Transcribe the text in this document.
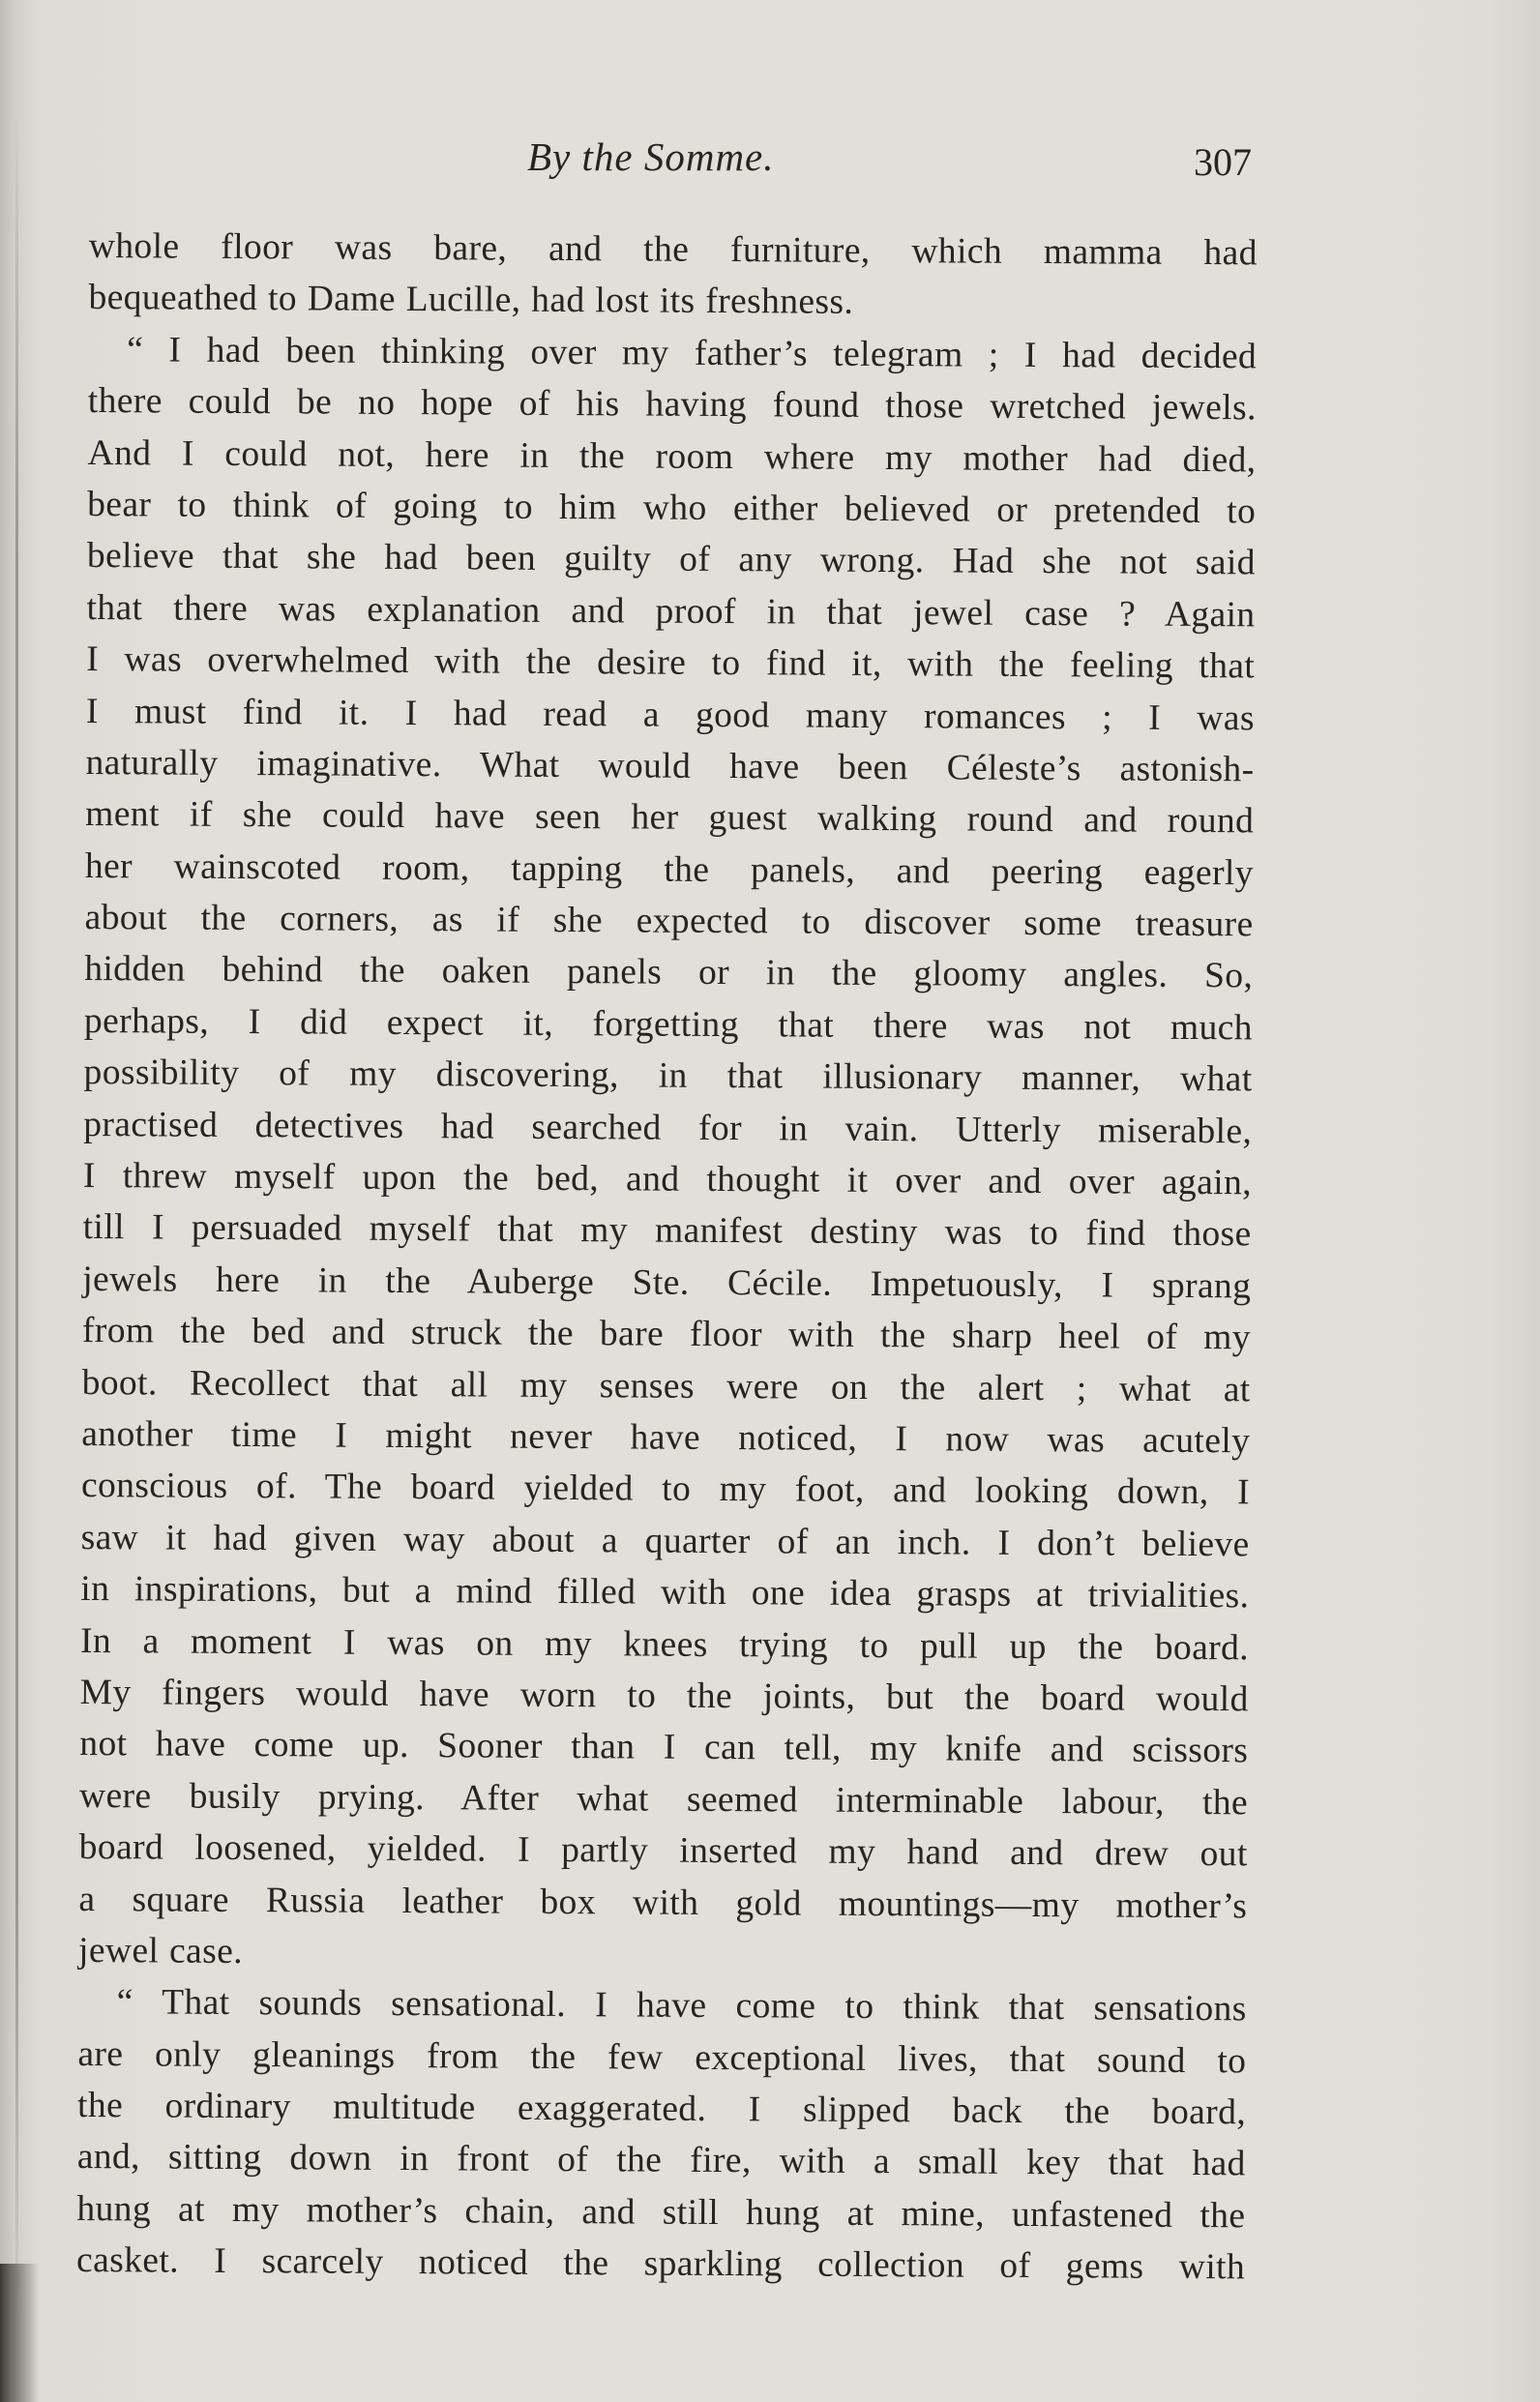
By the Somme.	307
whole floor was bare, and the furniture, which mamma had
bequeathed to Dame Lucille, had lost its freshness.
“ I had been thinking over my father’s telegram ; I had decided
there could be no hope of his having found those wretched jewels.
And I could not, here in the room where my mother had died,
bear to think of going to him who either believed or pretended to
believe that she had been guilty of any wrong. Had she not said
that there was explanation and proof in that jewel case ? Again
I was overwhelmed with the desire to find it, with the feeling that
I must find it. I had read a good many romances ; I was
naturally imaginative. What would have been Céleste’s astonish-
ment if she could have seen her guest walking round and round
her wainscoted room, tapping the panels, and peering eagerly
about the corners, as if she expected to discover some treasure
hidden behind the oaken panels or in the gloomy angles. So,
perhaps, I did expect it, forgetting that there was not much
possibility of my discovering, in that illusionary manner, what
practised detectives had searched for in vain. Utterly miserable,
I threw myself upon the bed, and thought it over and over again,
till I persuaded myself that my manifest destiny was to find those
jewels here in the Auberge Ste. Cécile. Impetuously, I sprang
from the bed and struck the bare floor with the sharp heel of my
boot. Recollect that all my senses were on the alert ; what at
another time I might never have noticed, I now was acutely
conscious of. The board yielded to my foot, and looking down, I
saw it had given way about a quarter of an inch. I don’t believe
in inspirations, but a mind filled with one idea grasps at trivialities.
In a moment I was on my knees trying to pull up the board.
My fingers would have worn to the joints, but the board would
not have come up. Sooner than I can tell, my knife and scissors
were busily prying. After what seemed interminable labour, the
board loosened, yielded. I partly inserted my hand and drew out
a square Russia leather box with gold mountings—my mother’s
jewel case.
“ That sounds sensational. I have come to think that sensations
are only gleanings from the few exceptional lives, that sound to
the ordinary multitude exaggerated. I slipped back the board,
and, sitting down in front of the fire, with a small key that had
hung at my mother’s chain, and still hung at mine, unfastened the
casket. I scarcely noticed the sparkling collection of gems with
